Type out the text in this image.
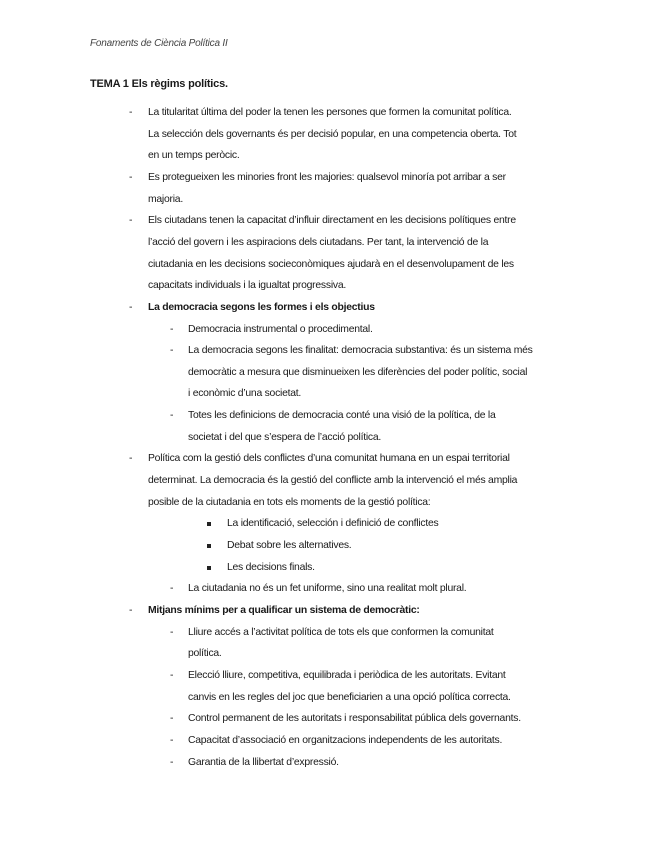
Fonaments de Ciència Política II
TEMA 1 Els règims polítics.
- La titularitat última del poder la tenen les persones que formen la comunitat política.
La selección dels governants és per decisió popular, en una competencia oberta. Tot
en un temps peròcic.
- Es protegueixen les minories front les majories: qualsevol minoría pot arribar a ser
majoria.
- Els ciutadans tenen la capacitat d’influir directament en les decisions polítiques entre
l’acció del govern i les aspiracions dels ciutadans. Per tant, la intervenció de la
ciutadania en les decisions socieconòmiques ajudarà en el desenvolupament de les
capacitats individuals i la igualtat progressiva.
- La democracia segons les formes i els objectius
- Democracia instrumental o procedimental.
- La democracia segons les finalitat: democracia substantiva: és un sistema més
democràtic a mesura que disminueixen les diferències del poder polític, social
i econòmic d’una societat.
- Totes les definicions de democracia conté una visió de la política, de la
societat i del que s’espera de l’acció política.
- Política com la gestió dels conflictes d’una comunitat humana en un espai territorial
determinat. La democracia és la gestió del conflicte amb la intervenció el més amplia
posible de la ciutadania en tots els moments de la gestió política:
La identificació, selección i definició de conflictes
Debat sobre les alternatives.
Les decisions finals.
- La ciutadania no és un fet uniforme, sino una realitat molt plural.
- Mitjans mínims per a qualificar un sistema de democràtic:
- Lliure accés a l’activitat política de tots els que conformen la comunitat
política.
- Elecció lliure, competitiva, equilibrada i periòdica de les autoritats. Evitant
canvis en les regles del joc que beneficiarien a una opció política correcta.
- Control permanent de les autoritats i responsabilitat pública dels governants.
- Capacitat d’associació en organitzacions independents de les autoritats.
- Garantia de la llibertat d’expressió.
